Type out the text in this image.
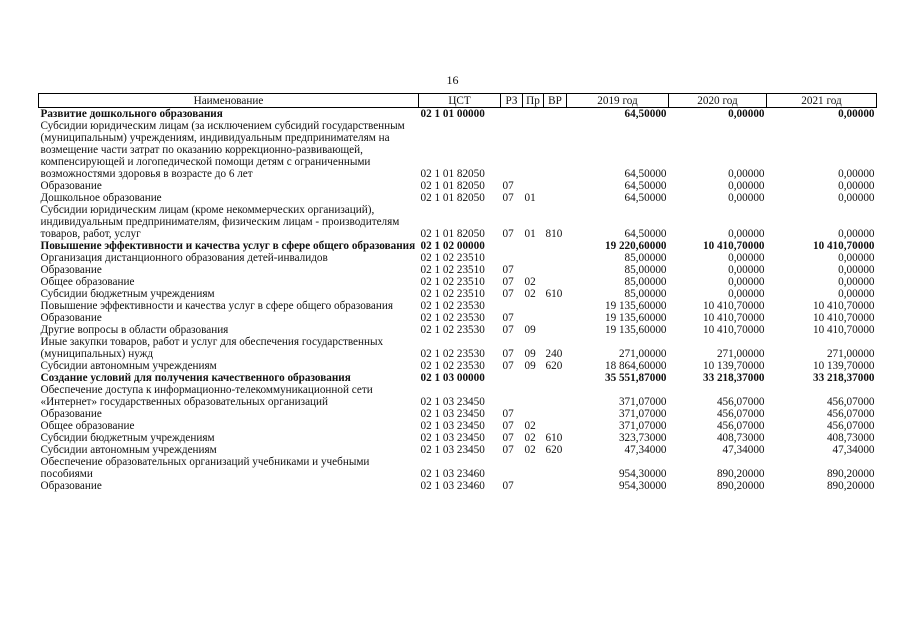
16
Наименование	ЦСТ	РЗ	Пр	ВР	2019 год	2020 год	2021 год
Развитие дошкольного образования	02 1 01 00000				64,50000	0,00000	0,00000
Субсидии юридическим лицам (за исключением субсидий государственным (муниципальным) учреждениям, индивидуальным предпринимателям на возмещение части затрат по оказанию коррекционно-развивающей, компенсирующей и логопедической помощи детям с ограниченными возможностями здоровья в возрасте до 6 лет	02 1 01 82050				64,50000	0,00000	0,00000
Образование	02 1 01 82050	07			64,50000	0,00000	0,00000
Дошкольное образование	02 1 01 82050	07	01		64,50000	0,00000	0,00000
Субсидии юридическим лицам (кроме некоммерческих организаций), индивидуальным предпринимателям, физическим лицам - производителям товаров, работ, услуг	02 1 01 82050	07	01	810	64,50000	0,00000	0,00000
Повышение эффективности и качества услуг в сфере общего образования	02 1 02 00000				19 220,60000	10 410,70000	10 410,70000
Организация дистанционного образования детей-инвалидов	02 1 02 23510				85,00000	0,00000	0,00000
Образование	02 1 02 23510	07			85,00000	0,00000	0,00000
Общее образование	02 1 02 23510	07	02		85,00000	0,00000	0,00000
Субсидии бюджетным учреждениям	02 1 02 23510	07	02	610	85,00000	0,00000	0,00000
Повышение эффективности и качества услуг в сфере общего образования	02 1 02 23530				19 135,60000	10 410,70000	10 410,70000
Образование	02 1 02 23530	07			19 135,60000	10 410,70000	10 410,70000
Другие вопросы в области образования	02 1 02 23530	07	09		19 135,60000	10 410,70000	10 410,70000
Иные закупки товаров, работ и услуг для обеспечения государственных (муниципальных) нужд	02 1 02 23530	07	09	240	271,00000	271,00000	271,00000
Субсидии автономным учреждениям	02 1 02 23530	07	09	620	18 864,60000	10 139,70000	10 139,70000
Создание условий для получения качественного образования	02 1 03 00000				35 551,87000	33 218,37000	33 218,37000
Обеспечение доступа к информационно-телекоммуникационной сети «Интернет» государственных образовательных организаций	02 1 03 23450				371,07000	456,07000	456,07000
Образование	02 1 03 23450	07			371,07000	456,07000	456,07000
Общее образование	02 1 03 23450	07	02		371,07000	456,07000	456,07000
Субсидии бюджетным учреждениям	02 1 03 23450	07	02	610	323,73000	408,73000	408,73000
Субсидии автономным учреждениям	02 1 03 23450	07	02	620	47,34000	47,34000	47,34000
Обеспечение образовательных организаций учебниками и учебными пособиями	02 1 03 23460				954,30000	890,20000	890,20000
Образование	02 1 03 23460	07			954,30000	890,20000	890,20000
